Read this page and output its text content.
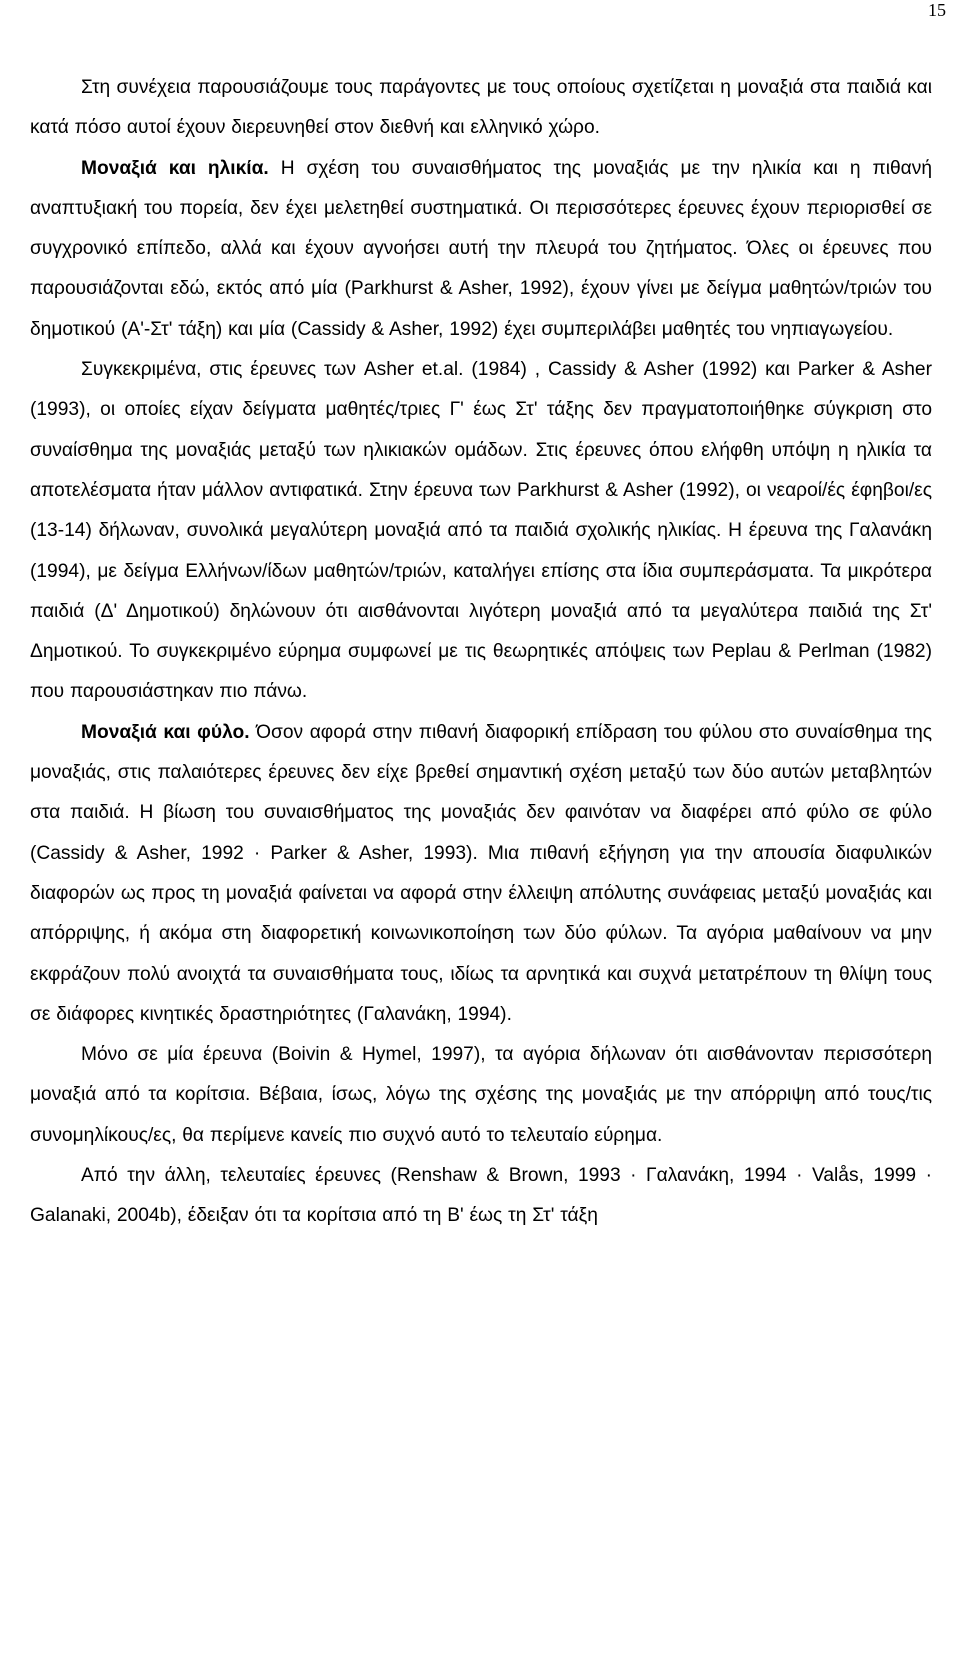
15

Στη συνέχεια παρουσιάζουμε τους παράγοντες με τους οποίους σχετίζεται η μοναξιά στα παιδιά και κατά πόσο αυτοί έχουν διερευνηθεί στον διεθνή και ελληνικό χώρο.

Μοναξιά και ηλικία. Η σχέση του συναισθήματος της μοναξιάς με την ηλικία και η πιθανή αναπτυξιακή του πορεία, δεν έχει μελετηθεί συστηματικά. Οι περισσότερες έρευνες έχουν περιορισθεί σε συγχρονικό επίπεδο, αλλά και έχουν αγνοήσει αυτή την πλευρά του ζητήματος. Όλες οι έρευνες που παρουσιάζονται εδώ, εκτός από μία (Parkhurst & Asher, 1992), έχουν γίνει με δείγμα μαθητών/τριών του δημοτικού (Α'-Στ' τάξη) και μία (Cassidy & Asher, 1992) έχει συμπεριλάβει μαθητές του νηπιαγωγείου.

Συγκεκριμένα, στις έρευνες των Asher et.al. (1984) , Cassidy & Asher (1992) και Parker & Asher (1993), οι οποίες είχαν δείγματα μαθητές/τριες Γ' έως Στ' τάξης δεν πραγματοποιήθηκε σύγκριση στο συναίσθημα της μοναξιάς μεταξύ των ηλικιακών ομάδων. Στις έρευνες όπου ελήφθη υπόψη η ηλικία τα αποτελέσματα ήταν μάλλον αντιφατικά. Στην έρευνα των Parkhurst & Asher (1992), οι νεαροί/ές έφηβοι/ες (13-14) δήλωναν, συνολικά μεγαλύτερη μοναξιά από τα παιδιά σχολικής ηλικίας. Η έρευνα της Γαλανάκη (1994), με δείγμα Ελλήνων/ίδων μαθητών/τριών, καταλήγει επίσης στα ίδια συμπεράσματα. Τα μικρότερα παιδιά (Δ' Δημοτικού) δηλώνουν ότι αισθάνονται λιγότερη μοναξιά από τα μεγαλύτερα παιδιά της Στ' Δημοτικού. Το συγκεκριμένο εύρημα συμφωνεί με τις θεωρητικές απόψεις των Peplau & Perlman (1982) που παρουσιάστηκαν πιο πάνω.

Μοναξιά και φύλο. Όσον αφορά στην πιθανή διαφορική επίδραση του φύλου στο συναίσθημα της μοναξιάς, στις παλαιότερες έρευνες δεν είχε βρεθεί σημαντική σχέση μεταξύ των δύο αυτών μεταβλητών στα παιδιά. Η βίωση του συναισθήματος της μοναξιάς δεν φαινόταν να διαφέρει από φύλο σε φύλο (Cassidy & Asher, 1992 · Parker & Asher, 1993). Μια πιθανή εξήγηση για την απουσία διαφυλικών διαφορών ως προς τη μοναξιά φαίνεται να αφορά στην έλλειψη απόλυτης συνάφειας μεταξύ μοναξιάς και απόρριψης, ή ακόμα στη διαφορετική κοινωνικοποίηση των δύο φύλων. Τα αγόρια μαθαίνουν να μην εκφράζουν πολύ ανοιχτά τα συναισθήματα τους, ιδίως τα αρνητικά και συχνά μετατρέπουν τη θλίψη τους σε διάφορες κινητικές δραστηριότητες (Γαλανάκη, 1994).

Μόνο σε μία έρευνα (Boivin & Hymel, 1997), τα αγόρια δήλωναν ότι αισθάνονταν περισσότερη μοναξιά από τα κορίτσια. Βέβαια, ίσως, λόγω της σχέσης της μοναξιάς με την απόρριψη από τους/τις συνομηλίκους/ες, θα περίμενε κανείς πιο συχνό αυτό το τελευταίο εύρημα.

Από την άλλη, τελευταίες έρευνες (Renshaw & Brown, 1993 · Γαλανάκη, 1994 · Valås, 1999 · Galanaki, 2004b), έδειξαν ότι τα κορίτσια από τη Β' έως τη Στ' τάξη
